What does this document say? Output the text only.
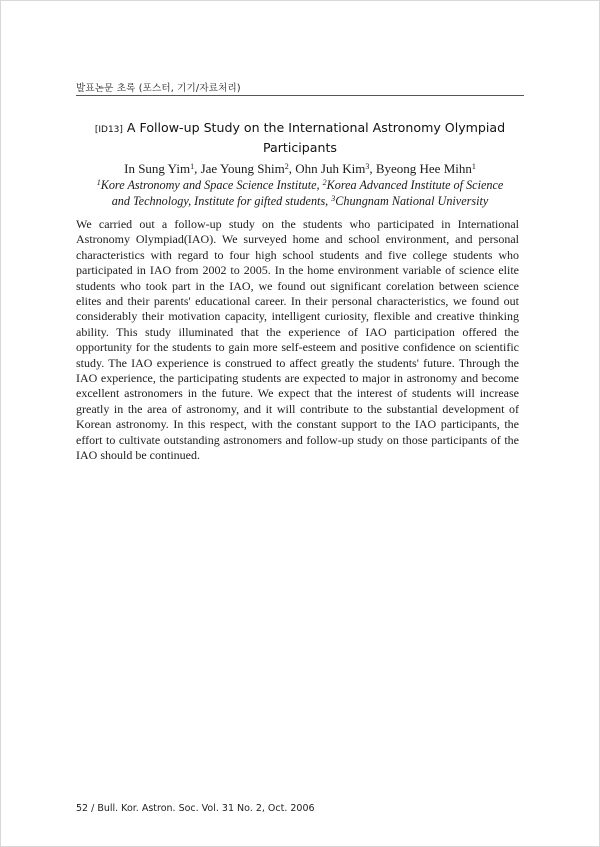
발표논문 초록 (포스터, 기기/자료처리)
[ID13] A Follow-up Study on the International Astronomy Olympiad
Participants
In Sung Yim$^1$, Jae Young Shim$^2$, Ohn Juh Kim$^3$, Byeong Hee Mihn$^1$
$^1$Kore Astronomy and Space Science Institute, $^2$Korea Advanced Institute of Science
and Technology, Institute for gifted students, $^3$Chungnam National University

We carried out a follow-up study on the students who participated in International Astronomy Olympiad(IAO). We surveyed home and school environment, and personal characteristics with regard to four high school students and five college students who participated in IAO from 2002 to 2005. In the home environment variable of science elite students who took part in the IAO, we found out significant corelation between science elites and their parents' educational career. In their personal characteristics, we found out considerably their motivation capacity, intelligent curiosity, flexible and creative thinking ability. This study illuminated that the experience of IAO participation offered the opportunity for the students to gain more self-esteem and positive confidence on scientific study. The IAO experience is construed to affect greatly the students' future. Through the IAO experience, the participating students are expected to major in astronomy and become excellent astronomers in the future. We expect that the interest of students will increase greatly in the area of astronomy, and it will contribute to the substantial development of Korean astronomy. In this respect, with the constant support to the IAO participants, the effort to cultivate outstanding astronomers and follow-up study on those participants of the IAO should be continued.

52 / Bull. Kor. Astron. Soc. Vol. 31 No. 2, Oct. 2006
